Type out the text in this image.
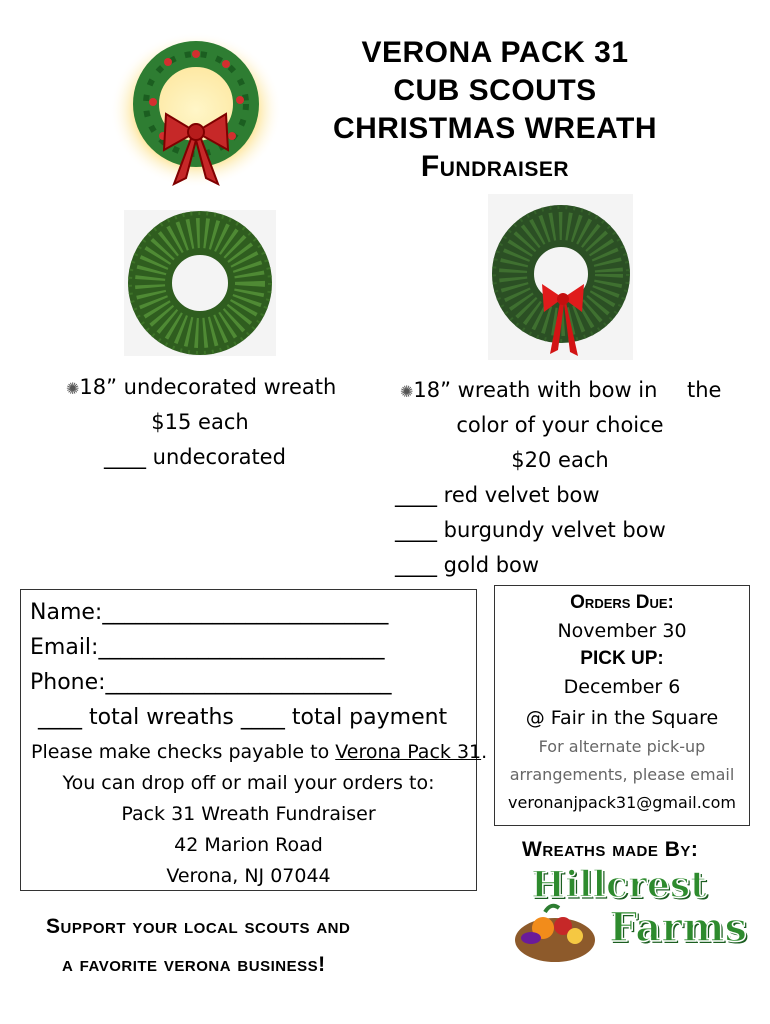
VERONA PACK 31
CUB SCOUTS
CHRISTMAS WREATH
Fundraiser
✺18” undecorated wreath
$15 each
____ undecorated
✺18” wreath with bow in the
color of your choice
$20 each
____ red velvet bow
____ burgundy velvet bow
____ gold bow
Name:__________________________
Email:__________________________
Phone:__________________________
____ total wreaths ____ total payment
Please make checks payable to Verona Pack 31.
You can drop off or mail your orders to:
Pack 31 Wreath Fundraiser
42 Marion Road
Verona, NJ 07044
Orders Due:
November 30
PICK UP:
December 6
@ Fair in the Square
For alternate pick-up
arrangements, please email
veronanjpack31@gmail.com
Wreaths made By:
Hillcrest
Farms
Support your local scouts and
a favorite verona business!
